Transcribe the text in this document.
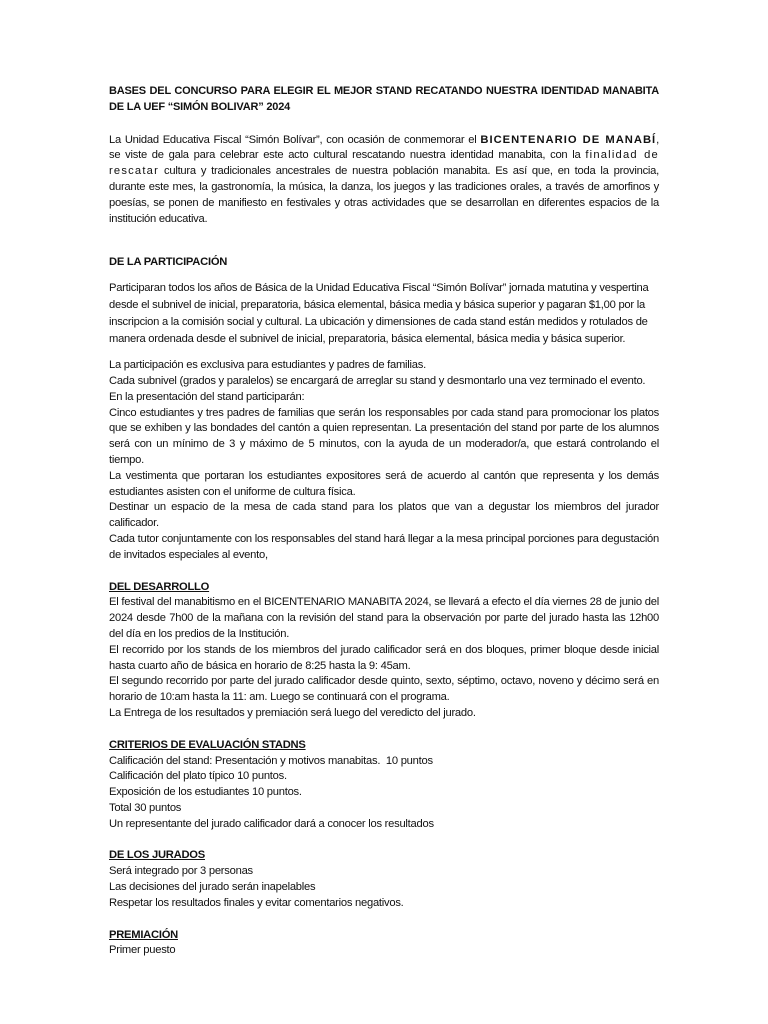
BASES DEL CONCURSO PARA ELEGIR EL MEJOR STAND RECATANDO NUESTRA IDENTIDAD MANABITA DE LA UEF “SIMÓN BOLIVAR” 2024

La Unidad Educativa Fiscal “Simón Bolívar”, con ocasión de conmemorar el BICENTENARIO DE MANABÍ, se viste de gala para celebrar este acto cultural rescatando nuestra identidad manabita, con la finalidad de rescatar cultura y tradicionales ancestrales de nuestra población manabita. Es así que, en toda la provincia, durante este mes, la gastronomía, la música, la danza, los juegos y las tradiciones orales, a través de amorfinos y poesías, se ponen de manifiesto en festivales y otras actividades que se desarrollan en diferentes espacios de la institución educativa.

DE LA PARTICIPACIÓN

Participaran todos los años de Básica de la Unidad Educativa Fiscal “Simón Bolívar” jornada matutina y vespertina desde el subnivel de inicial, preparatoria, básica elemental, básica media y básica superior y pagaran $1,00 por la inscripcion a la comisión social y cultural. La ubicación y dimensiones de cada stand están medidos y rotulados de manera ordenada desde el subnivel de inicial, preparatoria, básica elemental, básica media y básica superior.

La participación es exclusiva para estudiantes y padres de familias.

Cada subnivel (grados y paralelos) se encargará de arreglar su stand y desmontarlo una vez terminado el evento.

En la presentación del stand participarán:

Cinco estudiantes y tres padres de familias que serán los responsables por cada stand para promocionar los platos que se exhiben y las bondades del cantón a quien representan. La presentación del stand por parte de los alumnos será con un mínimo de 3 y máximo de 5 minutos, con la ayuda de un moderador/a, que estará controlando el tiempo.

La vestimenta que portaran los estudiantes expositores será de acuerdo al cantón que representa y los demás estudiantes asisten con el uniforme de cultura física.

Destinar un espacio de la mesa de cada stand para los platos que van a degustar los miembros del jurador calificador.

Cada tutor conjuntamente con los responsables del stand hará llegar a la mesa principal porciones para degustación de invitados especiales al evento,

DEL DESARROLLO

El festival del manabitismo en el BICENTENARIO MANABITA 2024, se llevará a efecto el día viernes 28 de junio del 2024 desde 7h00 de la mañana con la revisión del stand para la observación por parte del jurado hasta las 12h00 del día en los predios de la Institución.

El recorrido por los stands de los miembros del jurado calificador será en dos bloques, primer bloque desde inicial hasta cuarto año de básica en horario de 8:25 hasta la 9: 45am.

El segundo recorrido por parte del jurado calificador desde quinto, sexto, séptimo, octavo, noveno y décimo será en horario de 10:am hasta la 11: am. Luego se continuará con el programa.

La Entrega de los resultados y premiación será luego del veredicto del jurado.

CRITERIOS DE EVALUACIÓN STADNS

Calificación del stand: Presentación y motivos manabitas.  10 puntos

Calificación del plato típico 10 puntos.

Exposición de los estudiantes 10 puntos.

Total 30 puntos

Un representante del jurado calificador dará a conocer los resultados

DE LOS JURADOS

Será integrado por 3 personas

Las decisiones del jurado serán inapelables

Respetar los resultados finales y evitar comentarios negativos.

PREMIACIÓN

Primer puesto
